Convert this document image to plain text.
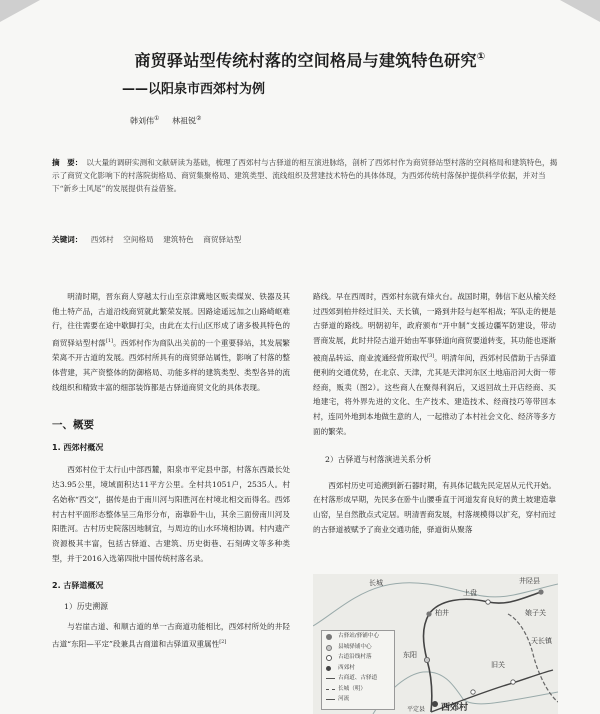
商贸驿站型传统村落的空间格局与建筑特色研究①
——以阳泉市西郊村为例
韩刘伟① 林祖锐②

摘　要： 以大量的调研实测和文献研读为基础，梳理了西郊村与古驿道的相互演进脉络，剖析了西郊村作为商贸驿站型村落的空间格局和建筑特色，揭示了商贸文化影响下的村落院街格局、商贸集聚格局、建筑类型、流线组织及营建技术特色的具体体现，为西郊传统村落保护提供科学依据，并对当下“新乡土风尾”的发展提供有益借鉴。

关键词： 西郊村 空间格局 建筑特色 商贸驿站型

明清时期，晋东商人穿越太行山至京津冀地区贩卖煤炭、铁器及其他土特产品，古道沿线商贸就此繁荣发展。因路途遥远加之山路崎岖难行，往往需要在途中歇脚打尖，由此在太行山区形成了诸多极具特色的商贸驿站型村落[1]。西郊村作为商队出关前的一个重要驿站，其发展繁荣离不开古道的发展。西郊村所具有的商贸驿站属性，影响了村落的整体营建，其产资整体的防御格局、功能多样的建筑类型、类型各异的流线组织和精致丰富的细部装饰都是古驿道商贸文化的具体表现。

一、概要
1. 西郊村概况

西郊村位于太行山中部西麓，阳泉市平定县中部，村落东西最长处达3.95公里，境域面积达11平方公里。全村共1051户，2535人。村名始称“西交”，据传是由于南川河与阳胜河在村境北相交而得名。西郊村古村平面形态整体呈三角形分布，南靠卧牛山，其余三面傍南川河及阳胜河。古村历史院落因地制宜，与周边的山水环境相协调。村内遗产资源极其丰富，包括古驿道、古建筑、历史街巷、石刻碑文等多种类型，并于2016入选第四批中国传统村落名录。

2. 古驿道概况
1）历史溯源

与岩崖古道、和顺古道的单一古商道功能相比，西郊村所处的井陉古道“东阳—平定”段兼具古商道和古驿道双重属性[2]

路线。早在西周时，西郊村东就有烽火台。战国时期，韩信下赵从榆关经过西郊到柏井经过旧关、天长镇，一路到井陉与赵军相战；军队走的便是古驿道的路线。明朝初年，政府颁布“开中制”支援边疆军防建设，带动晋商发展，此时井陉古道开始由军事驿道向商贸要道转变，其功能也逐渐被商品转运、商业流通经营所取代[3]。明清年间，西郊村民借助于古驿道便利的交通优势，在北京、天津，尤其是天津河东区土地庙沿河大街一带经商，贩卖（图2）。这些商人在聚得利润后，又返回故土开店经商、买地建宅，将外界先进的文化、生产技术、建造技术、经商技巧等带回本村，连同外地到本地做生意的人，一起推动了本村社会文化、经济等多方面的繁荣。

2）古驿道与村落演进关系分析

西郊村历史可追溯到新石器时期，有具体记载先民定居从元代开始。在村落形成早期，先民多在卧牛山腰垂直于河道发育良好的黄土坡建造靠山窑，呈自然散点式定居。明清晋商发展，村落规模得以扩充，穿村而过的古驿道被赋予了商业交通功能，驿道街从聚落

长城
娘子关
井陉县
上盘
柏井
旧关
天长镇
东阳
平定县 西郊村
古驿站/驿铺中心
县城驿铺中心
古道沿线村落
西郊村
古商道、古驿道
长城（明）
河流
